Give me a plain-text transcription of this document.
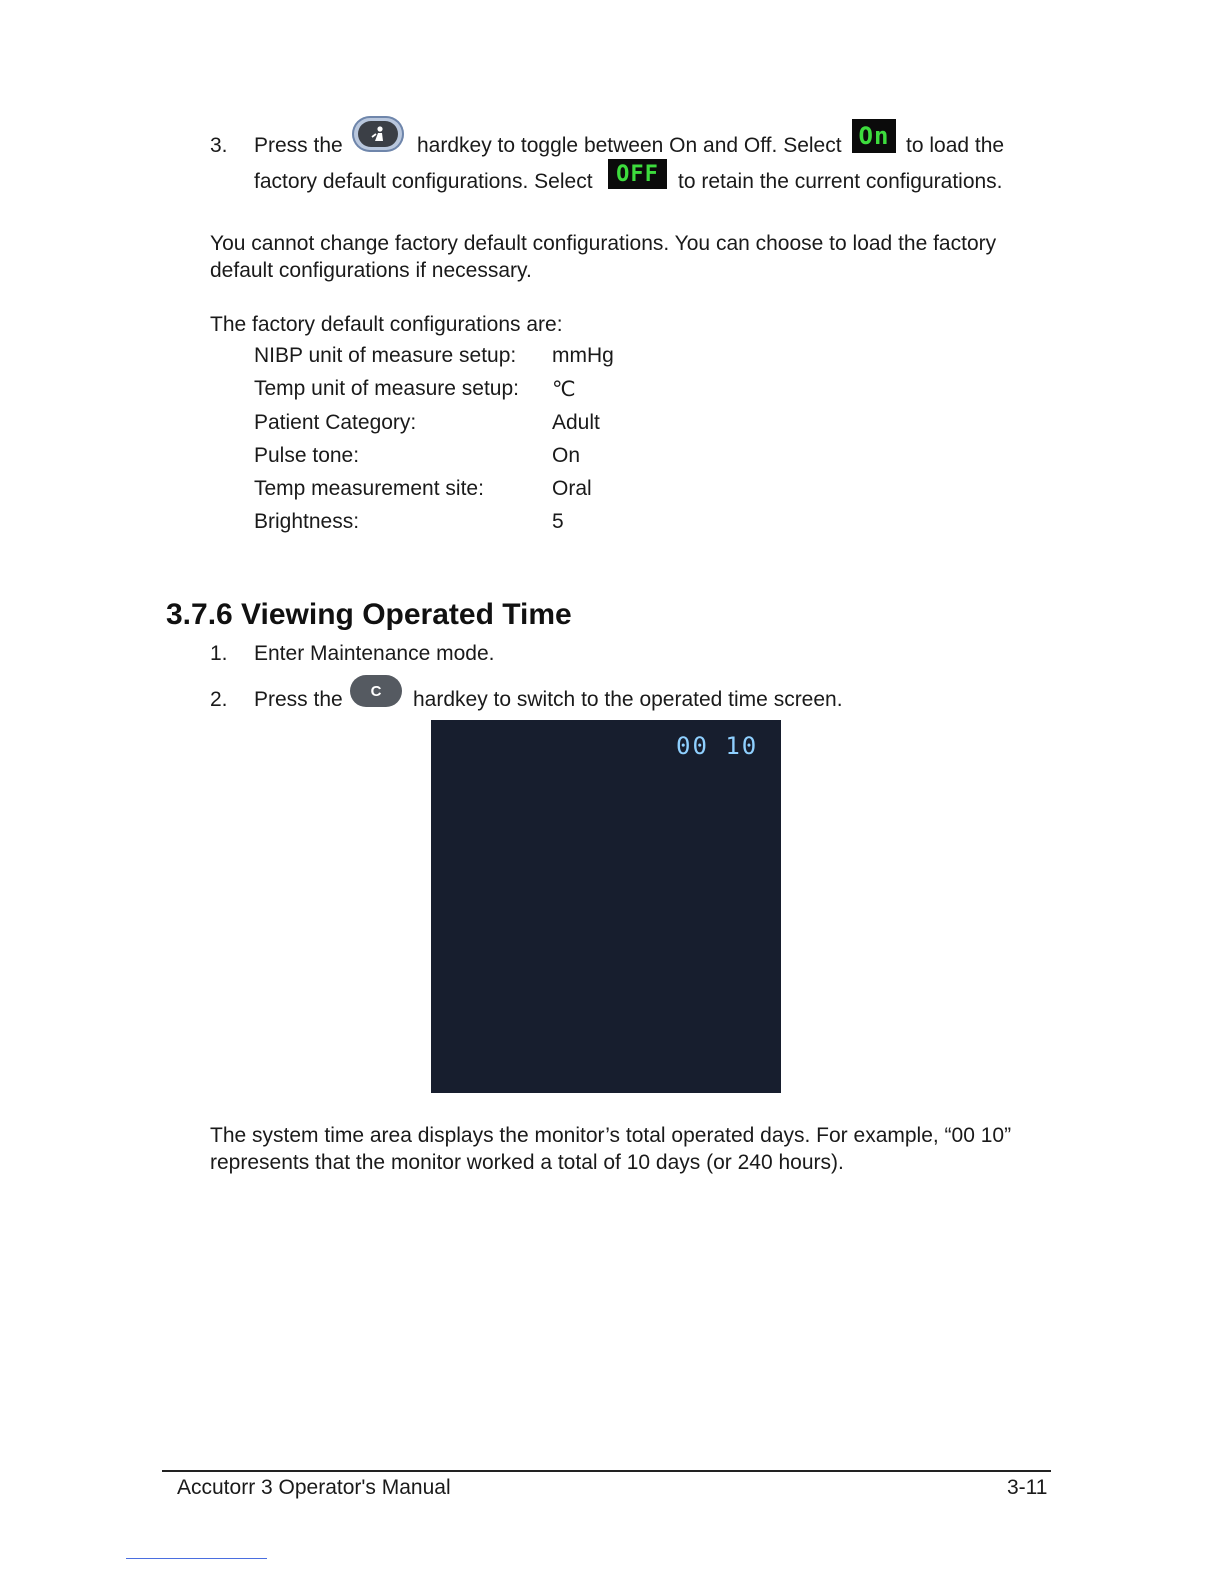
3. Press the	hardkey to toggle between On and Off. Select On to load the
factory default configurations. Select	OFF to retain the current configurations.
You cannot change factory default configurations. You can choose to load the factory
default configurations if necessary.
The factory default configurations are:
NIBP unit of measure setup: mmHg
Temp unit of measure setup: ℃
Patient Category:	Adult
Pulse tone:	On
Temp measurement site:	Oral
Brightness:	5
3.7.6 Viewing Operated Time
1. Enter Maintenance mode.
2. Press the	C	hardkey to switch to the operated time screen.
00 10
The system time area displays the monitor’s total operated days. For example, “00 10”
represents that the monitor worked a total of 10 days (or 240 hours).
Accutorr 3 Operator's Manual	3-11
